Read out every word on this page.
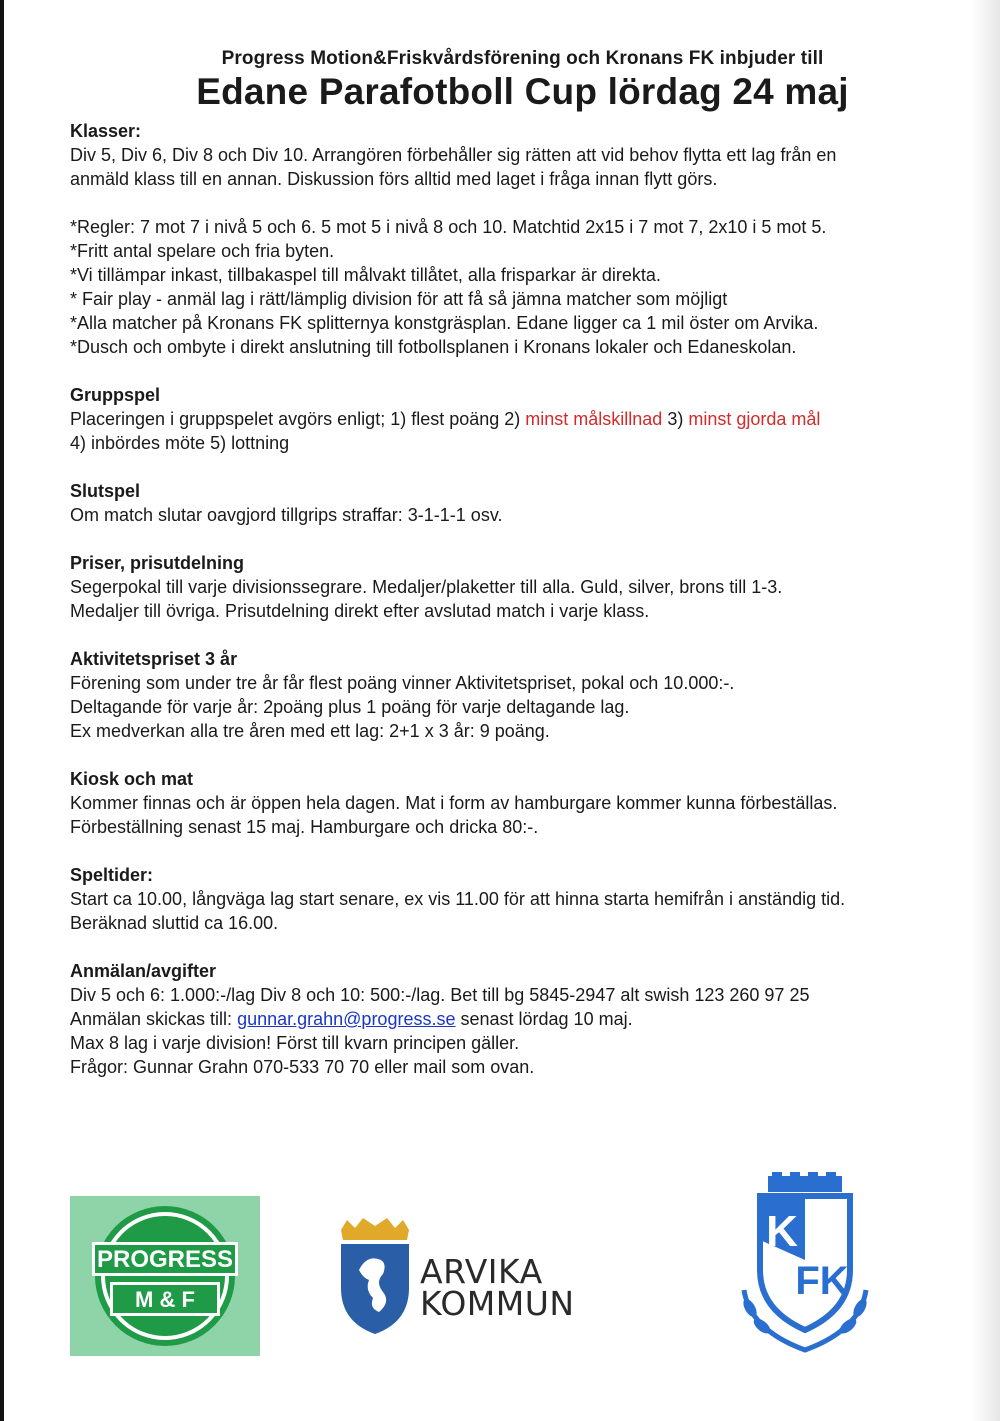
Progress Motion&Friskvårdsförening och Kronans FK inbjuder till
Edane Parafotboll Cup lördag 24 maj
Klasser:
Div 5, Div 6, Div 8 och Div 10. Arrangören förbehåller sig rätten att vid behov flytta ett lag från en
anmäld klass till en annan. Diskussion förs alltid med laget i fråga innan flytt görs.
*Regler: 7 mot 7 i nivå 5 och 6. 5 mot 5 i nivå 8 och 10. Matchtid 2x15 i 7 mot 7, 2x10 i 5 mot 5.
*Fritt antal spelare och fria byten.
*Vi tillämpar inkast, tillbakaspel till målvakt tillåtet, alla frisparkar är direkta.
* Fair play - anmäl lag i rätt/lämplig division för att få så jämna matcher som möjligt
*Alla matcher på Kronans FK splitternya konstgräsplan. Edane ligger ca 1 mil öster om Arvika.
*Dusch och ombyte i direkt anslutning till fotbollsplanen i Kronans lokaler och Edaneskolan.
Gruppspel
Placeringen i gruppspelet avgörs enligt; 1) flest poäng 2) minst målskillnad 3) minst gjorda mål
4) inbördes möte 5) lottning
Slutspel
Om match slutar oavgjord tillgrips straffar: 3-1-1-1 osv.
Priser, prisutdelning
Segerpokal till varje divisionssegrare. Medaljer/plaketter till alla. Guld, silver, brons till 1-3.
Medaljer till övriga. Prisutdelning direkt efter avslutad match i varje klass.
Aktivitetspriset 3 år
Förening som under tre år får flest poäng vinner Aktivitetspriset, pokal och 10.000:-.
Deltagande för varje år: 2poäng plus 1 poäng för varje deltagande lag.
Ex medverkan alla tre åren med ett lag: 2+1 x 3 år: 9 poäng.
Kiosk och mat
Kommer finnas och är öppen hela dagen. Mat i form av hamburgare kommer kunna förbeställas.
Förbeställning senast 15 maj. Hamburgare och dricka 80:-.
Speltider:
Start ca 10.00, långväga lag start senare, ex vis 11.00 för att hinna starta hemifrån i anständig tid.
Beräknad sluttid ca 16.00.
Anmälan/avgifter
Div 5 och 6: 1.000:-/lag Div 8 och 10: 500:-/lag. Bet till bg 5845-2947 alt swish 123 260 97 25
Anmälan skickas till: gunnar.grahn@progress.se senast lördag 10 maj.
Max 8 lag i varje division! Först till kvarn principen gäller.
Frågor: Gunnar Grahn 070-533 70 70 eller mail som ovan.
PROGRESS
M & F
ARVIKA
KOMMUN
K
FK
